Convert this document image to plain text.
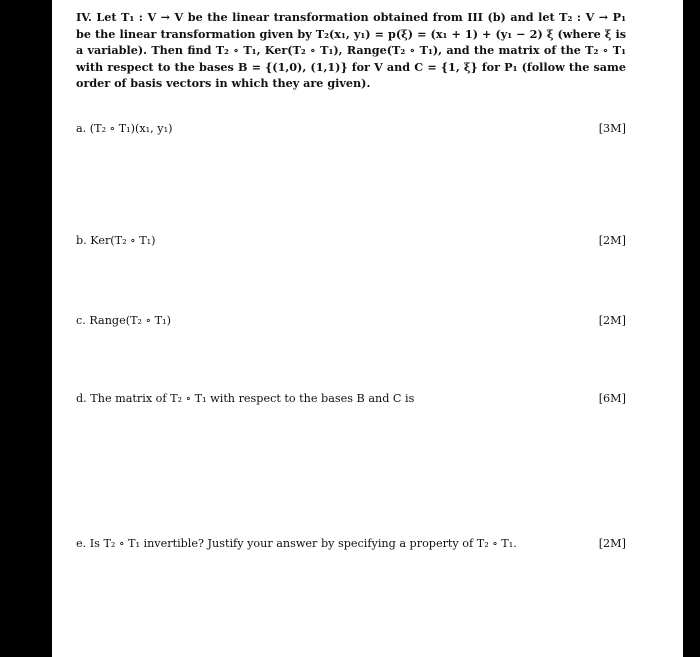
IV. Let T₁ : V → V be the linear transformation obtained from III (b) and let T₂ : V → P₁ be the linear transformation given by T₂(x₁, y₁) = p(ξ) = (x₁ + 1) + (y₁ − 2) ξ (where ξ is a variable). Then find T₂ ∘ T₁, Ker(T₂ ∘ T₁), Range(T₂ ∘ T₁), and the matrix of the T₂ ∘ T₁ with respect to the bases B = {(1,0), (1,1)} for V and C = {1, ξ} for P₁ (follow the same order of basis vectors in which they are given).
a. (T₂ ∘ T₁)(x₁, y₁)	[3M]
b. Ker(T₂ ∘ T₁)	[2M]
c. Range(T₂ ∘ T₁)	[2M]
d. The matrix of T₂ ∘ T₁ with respect to the bases B and C is	[6M]
e. Is T₂ ∘ T₁ invertible? Justify your answer by specifying a property of T₂ ∘ T₁.	[2M]
